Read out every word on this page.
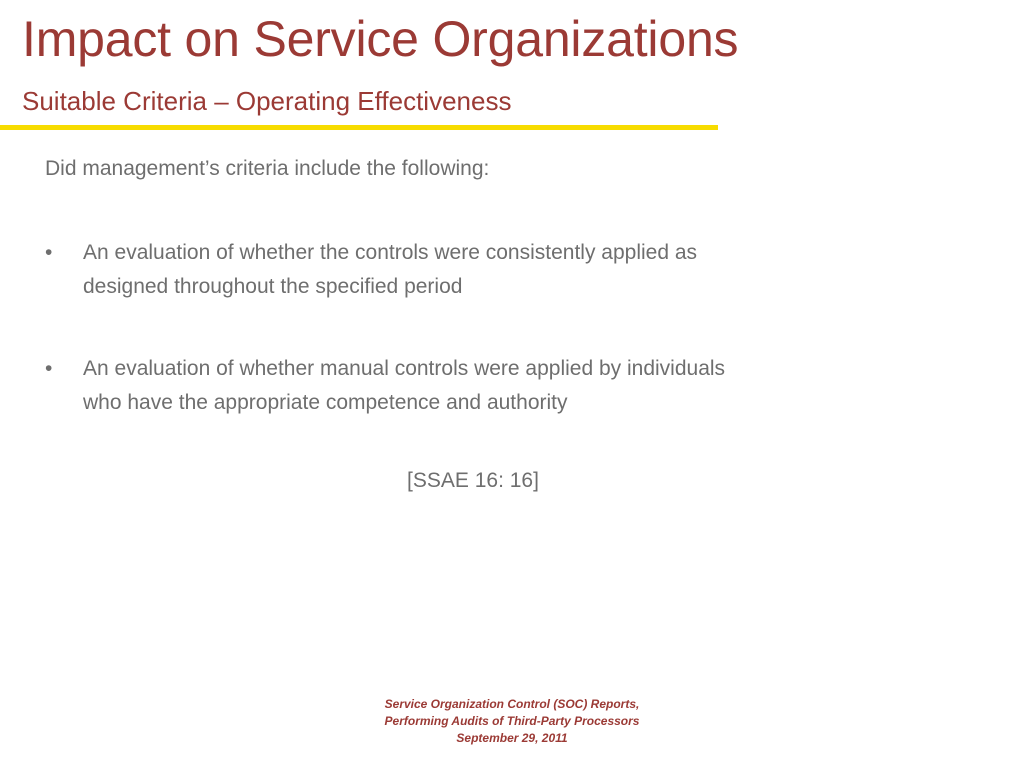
Impact on Service Organizations
Suitable Criteria – Operating Effectiveness

Did management’s criteria include the following:

• An evaluation of whether the controls were consistently applied as
designed throughout the specified period
• An evaluation of whether manual controls were applied by individuals
who have the appropriate competence and authority

[SSAE 16: 16]

Service Organization Control (SOC) Reports,
Performing Audits of Third-Party Processors
September 29, 2011
